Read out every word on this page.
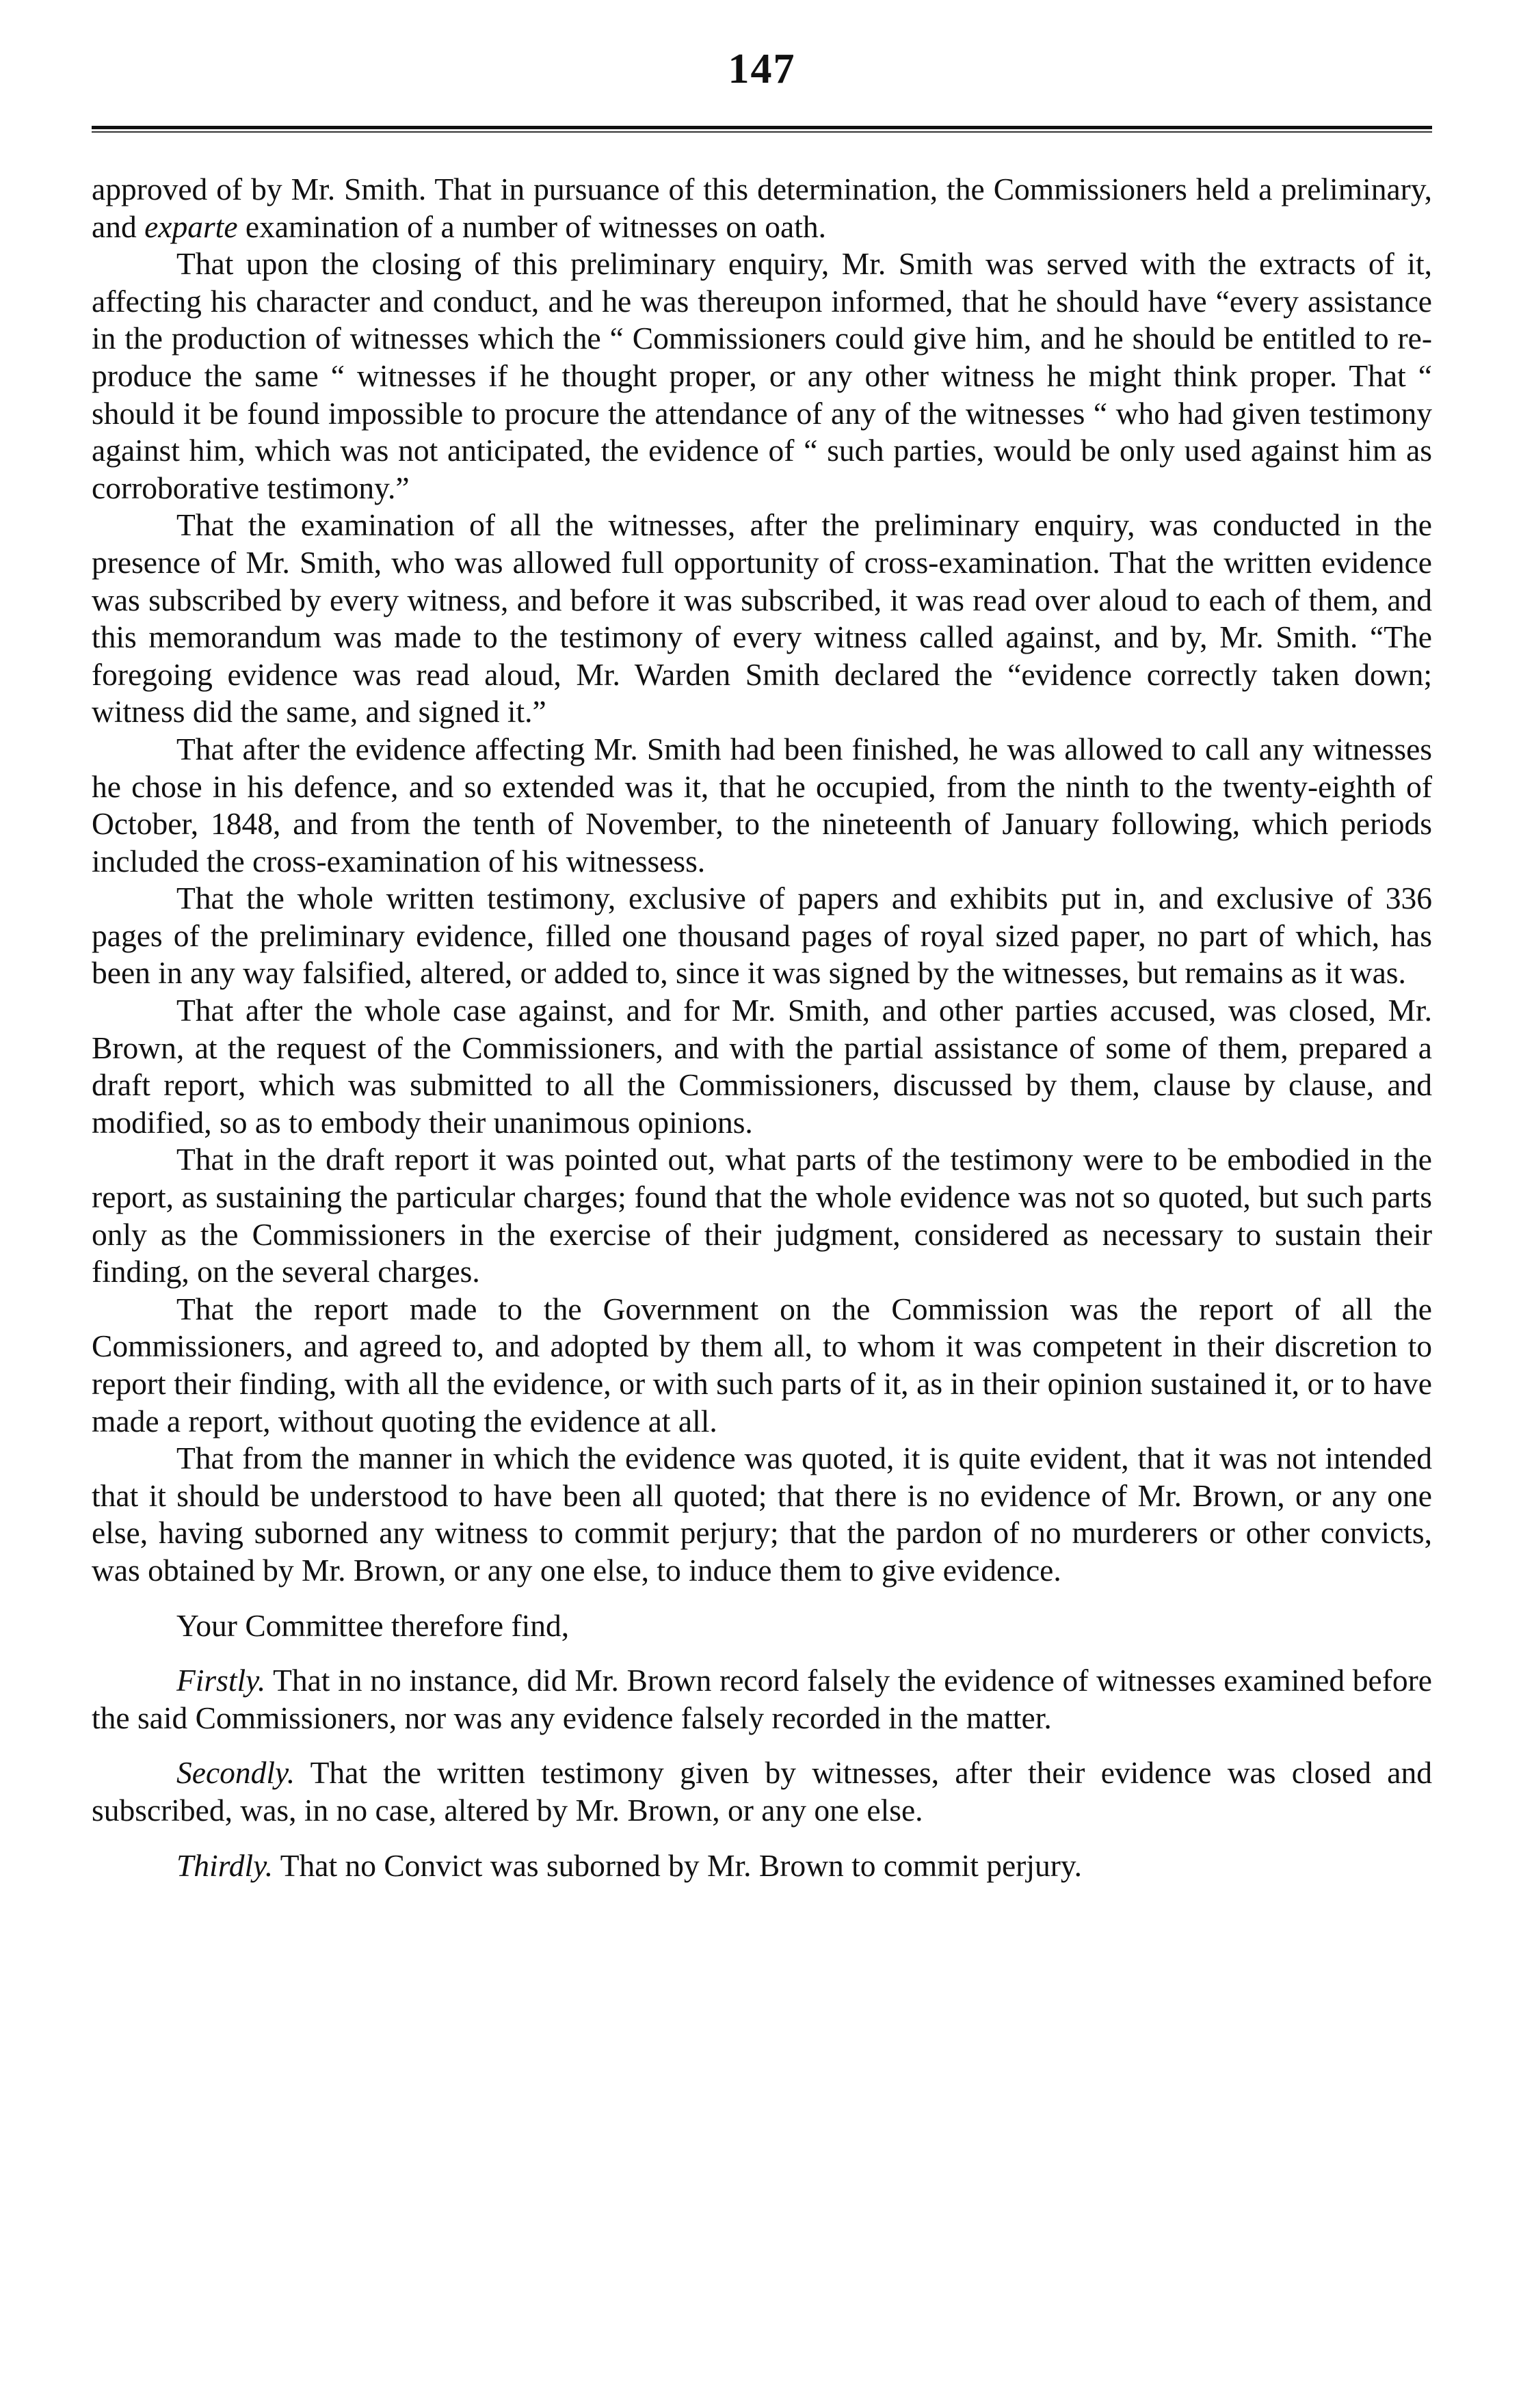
147

approved of by Mr. Smith. That in pursuance of this determination, the Commissioners held a preliminary, and exparte examination of a number of witnesses on oath.

That upon the closing of this preliminary enquiry, Mr. Smith was served with the extracts of it, affecting his character and conduct, and he was thereupon informed, that he should have “every assistance in the production of witnesses which the “ Commissioners could give him, and he should be entitled to re-produce the same “ witnesses if he thought proper, or any other witness he might think proper. That “ should it be found impossible to procure the attendance of any of the witnesses “ who had given testimony against him, which was not anticipated, the evidence of “ such parties, would be only used against him as corroborative testimony.”

That the examination of all the witnesses, after the preliminary enquiry, was conducted in the presence of Mr. Smith, who was allowed full opportunity of cross-examination. That the written evidence was subscribed by every witness, and before it was subscribed, it was read over aloud to each of them, and this memorandum was made to the testimony of every witness called against, and by, Mr. Smith. “The foregoing evidence was read aloud, Mr. Warden Smith declared the “evidence correctly taken down; witness did the same, and signed it.”

That after the evidence affecting Mr. Smith had been finished, he was allowed to call any witnesses he chose in his defence, and so extended was it, that he occupied, from the ninth to the twenty-eighth of October, 1848, and from the tenth of November, to the nineteenth of January following, which periods included the cross-examination of his witnessess.

That the whole written testimony, exclusive of papers and exhibits put in, and exclusive of 336 pages of the preliminary evidence, filled one thousand pages of royal sized paper, no part of which, has been in any way falsified, altered, or added to, since it was signed by the witnesses, but remains as it was.

That after the whole case against, and for Mr. Smith, and other parties accused, was closed, Mr. Brown, at the request of the Commissioners, and with the partial assistance of some of them, prepared a draft report, which was submitted to all the Commissioners, discussed by them, clause by clause, and modified, so as to embody their unanimous opinions.

That in the draft report it was pointed out, what parts of the testimony were to be embodied in the report, as sustaining the particular charges; found that the whole evidence was not so quoted, but such parts only as the Commissioners in the exercise of their judgment, considered as necessary to sustain their finding, on the several charges.

That the report made to the Government on the Commission was the report of all the Commissioners, and agreed to, and adopted by them all, to whom it was competent in their discretion to report their finding, with all the evidence, or with such parts of it, as in their opinion sustained it, or to have made a report, without quoting the evidence at all.

That from the manner in which the evidence was quoted, it is quite evident, that it was not intended that it should be understood to have been all quoted; that there is no evidence of Mr. Brown, or any one else, having suborned any witness to commit perjury; that the pardon of no murderers or other convicts, was obtained by Mr. Brown, or any one else, to induce them to give evidence.

Your Committee therefore find,

Firstly. That in no instance, did Mr. Brown record falsely the evidence of witnesses examined before the said Commissioners, nor was any evidence falsely recorded in the matter.

Secondly. That the written testimony given by witnesses, after their evidence was closed and subscribed, was, in no case, altered by Mr. Brown, or any one else.

Thirdly. That no Convict was suborned by Mr. Brown to commit perjury.
